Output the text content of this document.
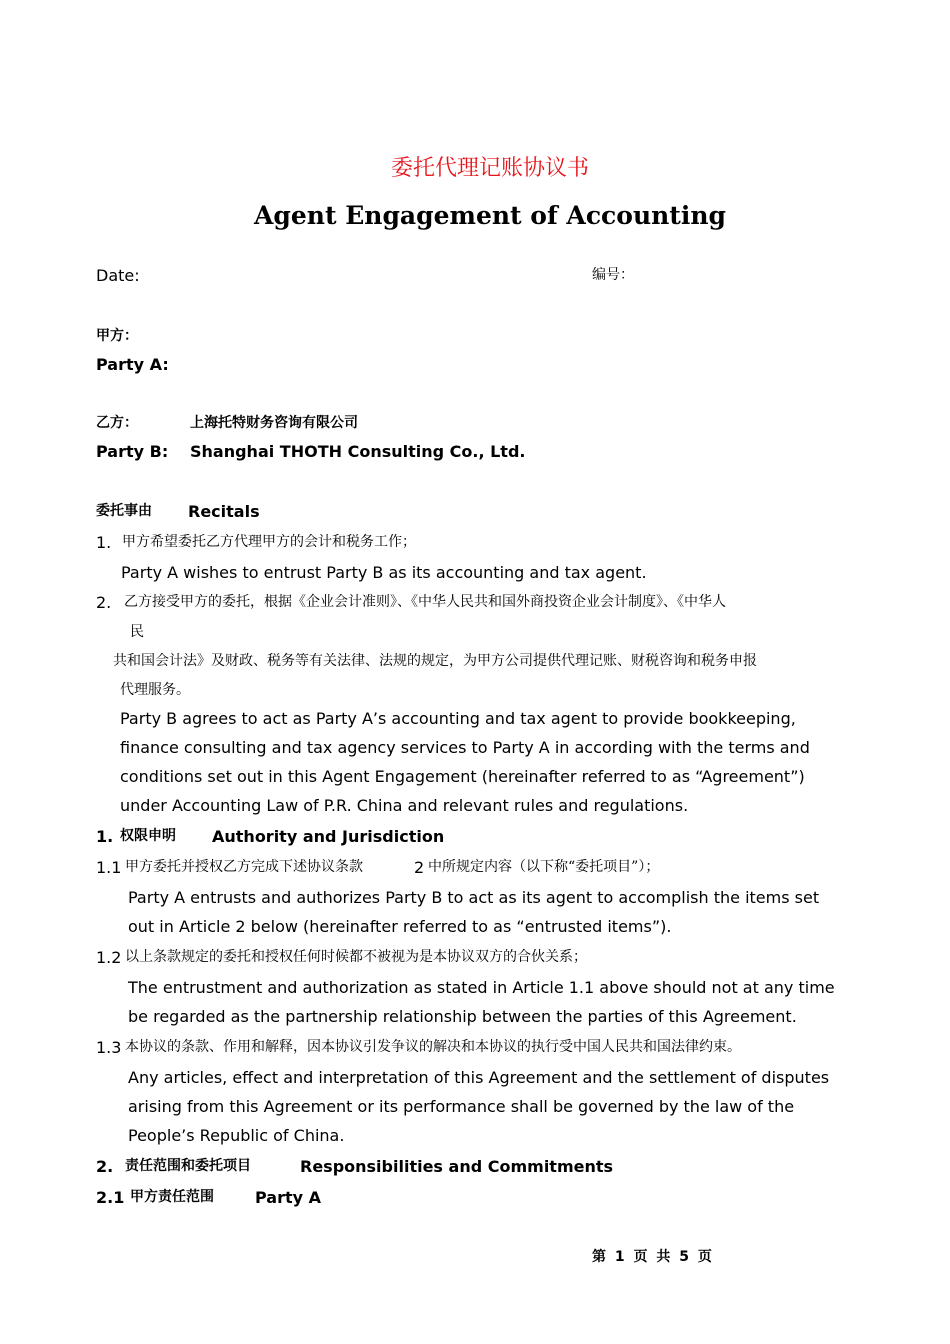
委托代理记账协议书
Agent Engagement of Accounting
Date:	编号：
甲方：
Party A:
乙方：	上海托特财务咨询有限公司
Party B: Shanghai THOTH Consulting Co., Ltd.
委托事由 Recitals
1. 甲方希望委托乙方代理甲方的会计和税务工作；
Party A wishes to entrust Party B as its accounting and tax agent.
2. 乙方接受甲方的委托，根据《企业会计准则》、《中华人民共和国外商投资企业会计制度》、《中华人
民
共和国会计法》及财政、税务等有关法律、法规的规定，为甲方公司提供代理记账、财税咨询和税务申报
代理服务。
Party B agrees to act as Party A’s accounting and tax agent to provide bookkeeping,
finance consulting and tax agency services to Party A in according with the terms and
conditions set out in this Agent Engagement (hereinafter referred to as “Agreement”)
under Accounting Law of P.R. China and relevant rules and regulations.
1. 权限申明 Authority and Jurisdiction
1.1 甲方委托并授权乙方完成下述协议条款	2 中所规定内容（以下称“委托项目”）；
Party A entrusts and authorizes Party B to act as its agent to accomplish the items set
out in Article 2 below (hereinafter referred to as “entrusted items”).
1.2 以上条款规定的委托和授权任何时候都不被视为是本协议双方的合伙关系；
The entrustment and authorization as stated in Article 1.1 above should not at any time
be regarded as the partnership relationship between the parties of this Agreement.
1.3 本协议的条款、作用和解释，因本协议引发争议的解决和本协议的执行受中国人民共和国法律约束。
Any articles, effect and interpretation of this Agreement and the settlement of disputes
arising from this Agreement or its performance shall be governed by the law of the
People’s Republic of China.
2. 责任范围和委托项目	Responsibilities and Commitments
2.1 甲方责任范围	Party A
第 1 页 共 5 页
